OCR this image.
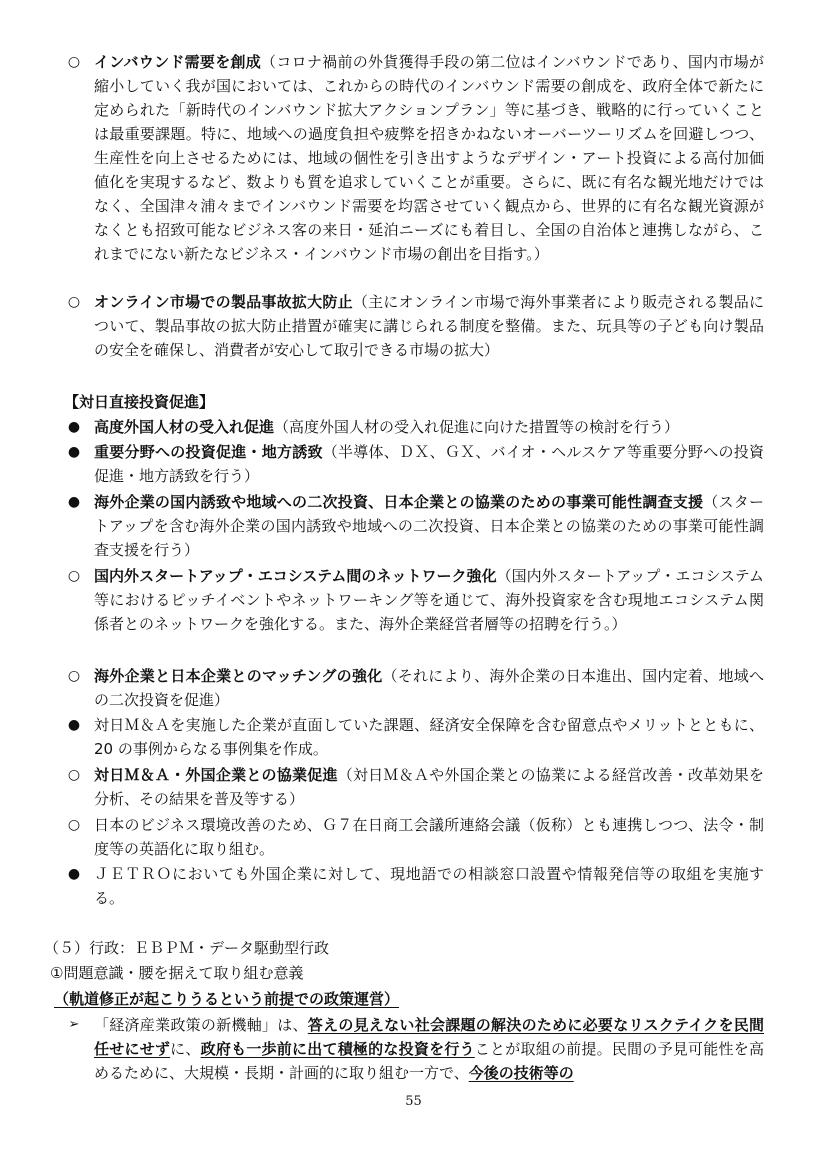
○ インバウンド需要を創成（コロナ禍前の外貨獲得手段の第二位はインバウンドであり、国内市場が縮小していく我が国においては、これからの時代のインバウンド需要の創成を、政府全体で新たに定められた「新時代のインバウンド拡大アクションプラン」等に基づき、戦略的に行っていくことは最重要課題。特に、地域への過度負担や疲弊を招きかねないオーバーツーリズムを回避しつつ、生産性を向上させるためには、地域の個性を引き出すようなデザイン・アート投資による高付加価値化を実現するなど、数よりも質を追求していくことが重要。さらに、既に有名な観光地だけではなく、全国津々浦々までインバウンド需要を均霑させていく観点から、世界的に有名な観光資源がなくとも招致可能なビジネス客の来日・延泊ニーズにも着目し、全国の自治体と連携しながら、これまでにない新たなビジネス・インバウンド市場の創出を目指す。）
○ オンライン市場での製品事故拡大防止（主にオンライン市場で海外事業者により販売される製品について、製品事故の拡大防止措置が確実に講じられる制度を整備。また、玩具等の子ども向け製品の安全を確保し、消費者が安心して取引できる市場の拡大）
【対日直接投資促進】
● 高度外国人材の受入れ促進（高度外国人材の受入れ促進に向けた措置等の検討を行う）
● 重要分野への投資促進・地方誘致（半導体、ＤＸ、ＧＸ、バイオ・ヘルスケア等重要分野への投資促進・地方誘致を行う）
● 海外企業の国内誘致や地域への二次投資、日本企業との協業のための事業可能性調査支援（スタートアップを含む海外企業の国内誘致や地域への二次投資、日本企業との協業のための事業可能性調査支援を行う）
○ 国内外スタートアップ・エコシステム間のネットワーク強化（国内外スタートアップ・エコシステム等におけるピッチイベントやネットワーキング等を通じて、海外投資家を含む現地エコシステム関係者とのネットワークを強化する。また、海外企業経営者層等の招聘を行う。）
○ 海外企業と日本企業とのマッチングの強化（それにより、海外企業の日本進出、国内定着、地域への二次投資を促進）
● 対日Ｍ＆Ａを実施した企業が直面していた課題、経済安全保障を含む留意点やメリットとともに、20 の事例からなる事例集を作成。
○ 対日Ｍ＆Ａ・外国企業との協業促進（対日Ｍ＆Ａや外国企業との協業による経営改善・改革効果を分析、その結果を普及等する）
○ 日本のビジネス環境改善のため、Ｇ７在日商工会議所連絡会議（仮称）とも連携しつつ、法令・制度等の英語化に取り組む。
● ＪＥＴＲＯにおいても外国企業に対して、現地語での相談窓口設置や情報発信等の取組を実施する。
（５）行政：ＥＢＰＭ・データ駆動型行政
①問題意識・腰を据えて取り組む意義
（軌道修正が起こりうるという前提での政策運営）
➢ 「経済産業政策の新機軸」は、答えの見えない社会課題の解決のために必要なリスクテイクを民間任せにせずに、政府も一歩前に出て積極的な投資を行うことが取組の前提。民間の予見可能性を高めるために、大規模・長期・計画的に取り組む一方で、今後の技術等の
55
